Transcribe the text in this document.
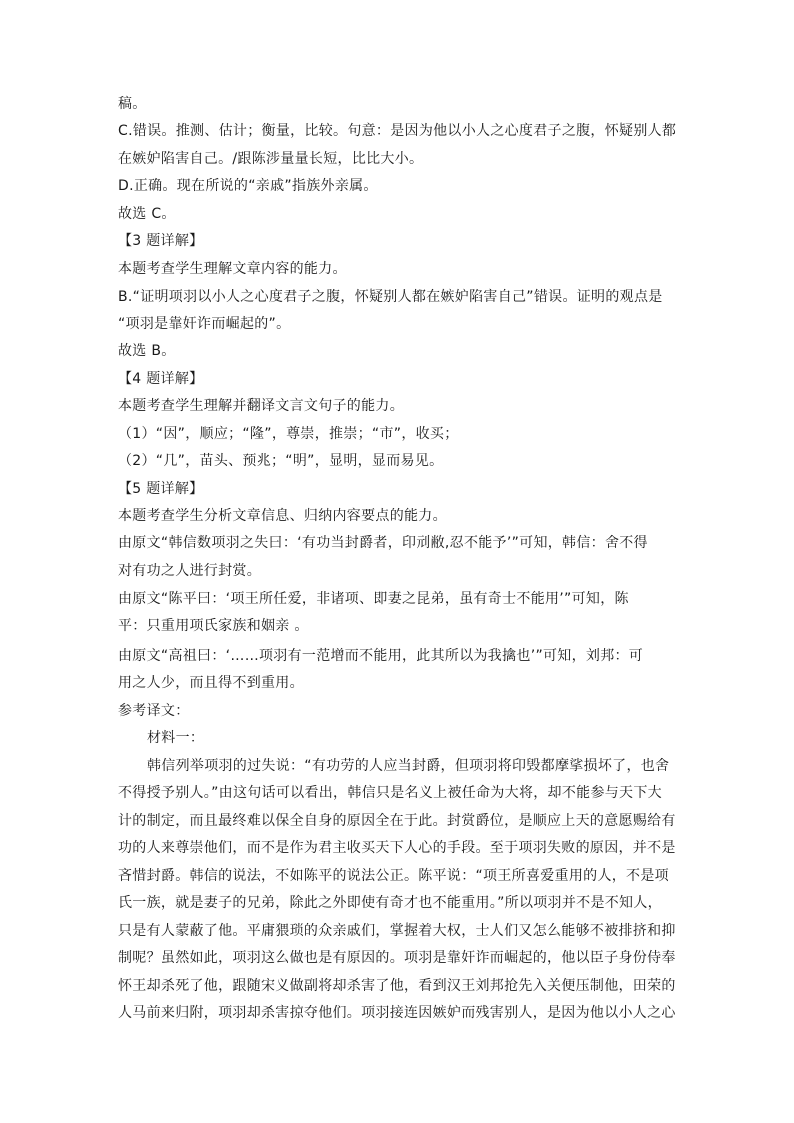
稿。
C.错误。推测、估计；衡量，比较。句意：是因为他以小人之心度君子之腹，怀疑别人都
在嫉妒陷害自己。/跟陈涉量量长短，比比大小。
D.正确。现在所说的“亲戚”指族外亲属。
故选 C。
【3 题详解】
本题考查学生理解文章内容的能力。
B.“证明项羽以小人之心度君子之腹，怀疑别人都在嫉妒陷害自己”错误。证明的观点是
“项羽是靠奸诈而崛起的”。
故选 B。
【4 题详解】
本题考查学生理解并翻译文言文句子的能力。
（1）“因”，顺应；“隆”，尊崇，推崇；“市”，收买；
（2）“几”，苗头、预兆；“明”，显明，显而易见。
【5 题详解】
本题考查学生分析文章信息、归纳内容要点的能力。
由原文“韩信数项羽之失曰：‘有功当封爵者，印刓敝,忍不能予’”可知，韩信：舍不得
对有功之人进行封赏。
由原文“陈平曰：‘项王所任爱，非诸项、即妻之昆弟，虽有奇士不能用’”可知，陈
平：只重用项氏家族和姻亲 。
由原文“高祖曰：‘……项羽有一范增而不能用，此其所以为我擒也’”可知，刘邦：可
用之人少，而且得不到重用。
参考译文：
材料一：
韩信列举项羽的过失说：“有功劳的人应当封爵，但项羽将印毁都摩挲损坏了，也舍
不得授予别人。”由这句话可以看出，韩信只是名义上被任命为大将，却不能参与天下大
计的制定，而且最终难以保全自身的原因全在于此。封赏爵位，是顺应上天的意愿赐给有
功的人来尊崇他们，而不是作为君主收买天下人心的手段。至于项羽失败的原因，并不是
吝惜封爵。韩信的说法，不如陈平的说法公正。陈平说：“项王所喜爱重用的人，不是项
氏一族，就是妻子的兄弟，除此之外即使有奇才也不能重用。”所以项羽并不是不知人，
只是有人蒙蔽了他。平庸猥琐的众亲戚们，掌握着大权，士人们又怎么能够不被排挤和抑
制呢？虽然如此，项羽这么做也是有原因的。项羽是靠奸诈而崛起的，他以臣子身份侍奉
怀王却杀死了他，跟随宋义做副将却杀害了他，看到汉王刘邦抢先入关便压制他，田荣的
人马前来归附，项羽却杀害掠夺他们。项羽接连因嫉妒而残害别人，是因为他以小人之心
